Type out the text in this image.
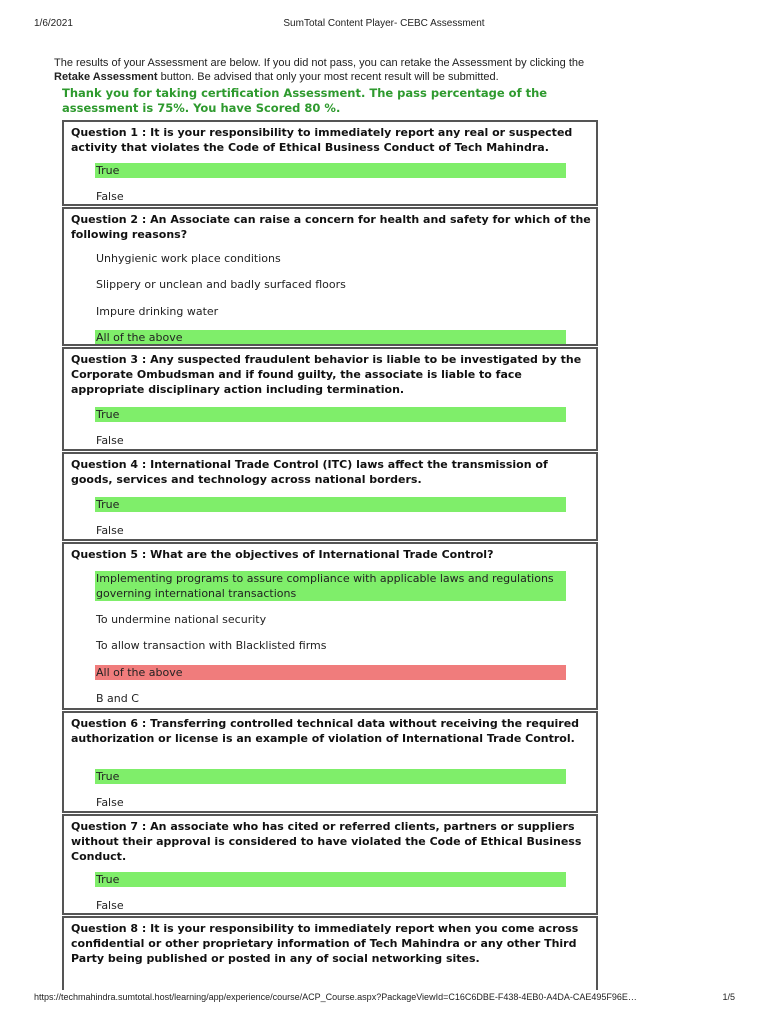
1/6/2021	SumTotal Content Player- CEBC Assessment
The results of your Assessment are below. If you did not pass, you can retake the Assessment by clicking the
Retake Assessment button. Be advised that only your most recent result will be submitted.
Thank you for taking certification Assessment. The pass percentage of the
assessment is 75%. You have Scored 80 %.
Question 1 : It is your responsibility to immediately report any real or suspected activity that violates the Code of Ethical Business Conduct of Tech Mahindra.
True
False
Question 2 : An Associate can raise a concern for health and safety for which of the following reasons?
Unhygienic work place conditions
Slippery or unclean and badly surfaced floors
Impure drinking water
All of the above
Question 3 : Any suspected fraudulent behavior is liable to be investigated by the Corporate Ombudsman and if found guilty, the associate is liable to face appropriate disciplinary action including termination.
True
False
Question 4 : International Trade Control (ITC) laws affect the transmission of goods, services and technology across national borders.
True
False
Question 5 : What are the objectives of International Trade Control?
Implementing programs to assure compliance with applicable laws and regulations governing international transactions
To undermine national security
To allow transaction with Blacklisted firms
All of the above
B and C
Question 6 : Transferring controlled technical data without receiving the required authorization or license is an example of violation of International Trade Control.
True
False
Question 7 : An associate who has cited or referred clients, partners or suppliers without their approval is considered to have violated the Code of Ethical Business Conduct.
True
False
Question 8 : It is your responsibility to immediately report when you come across confidential or other proprietary information of Tech Mahindra or any other Third Party being published or posted in any of social networking sites.
https://techmahindra.sumtotal.host/learning/app/experience/course/ACP_Course.aspx?PackageViewId=C16C6DBE-F438-4EB0-A4DA-CAE495F96E…	1/5
